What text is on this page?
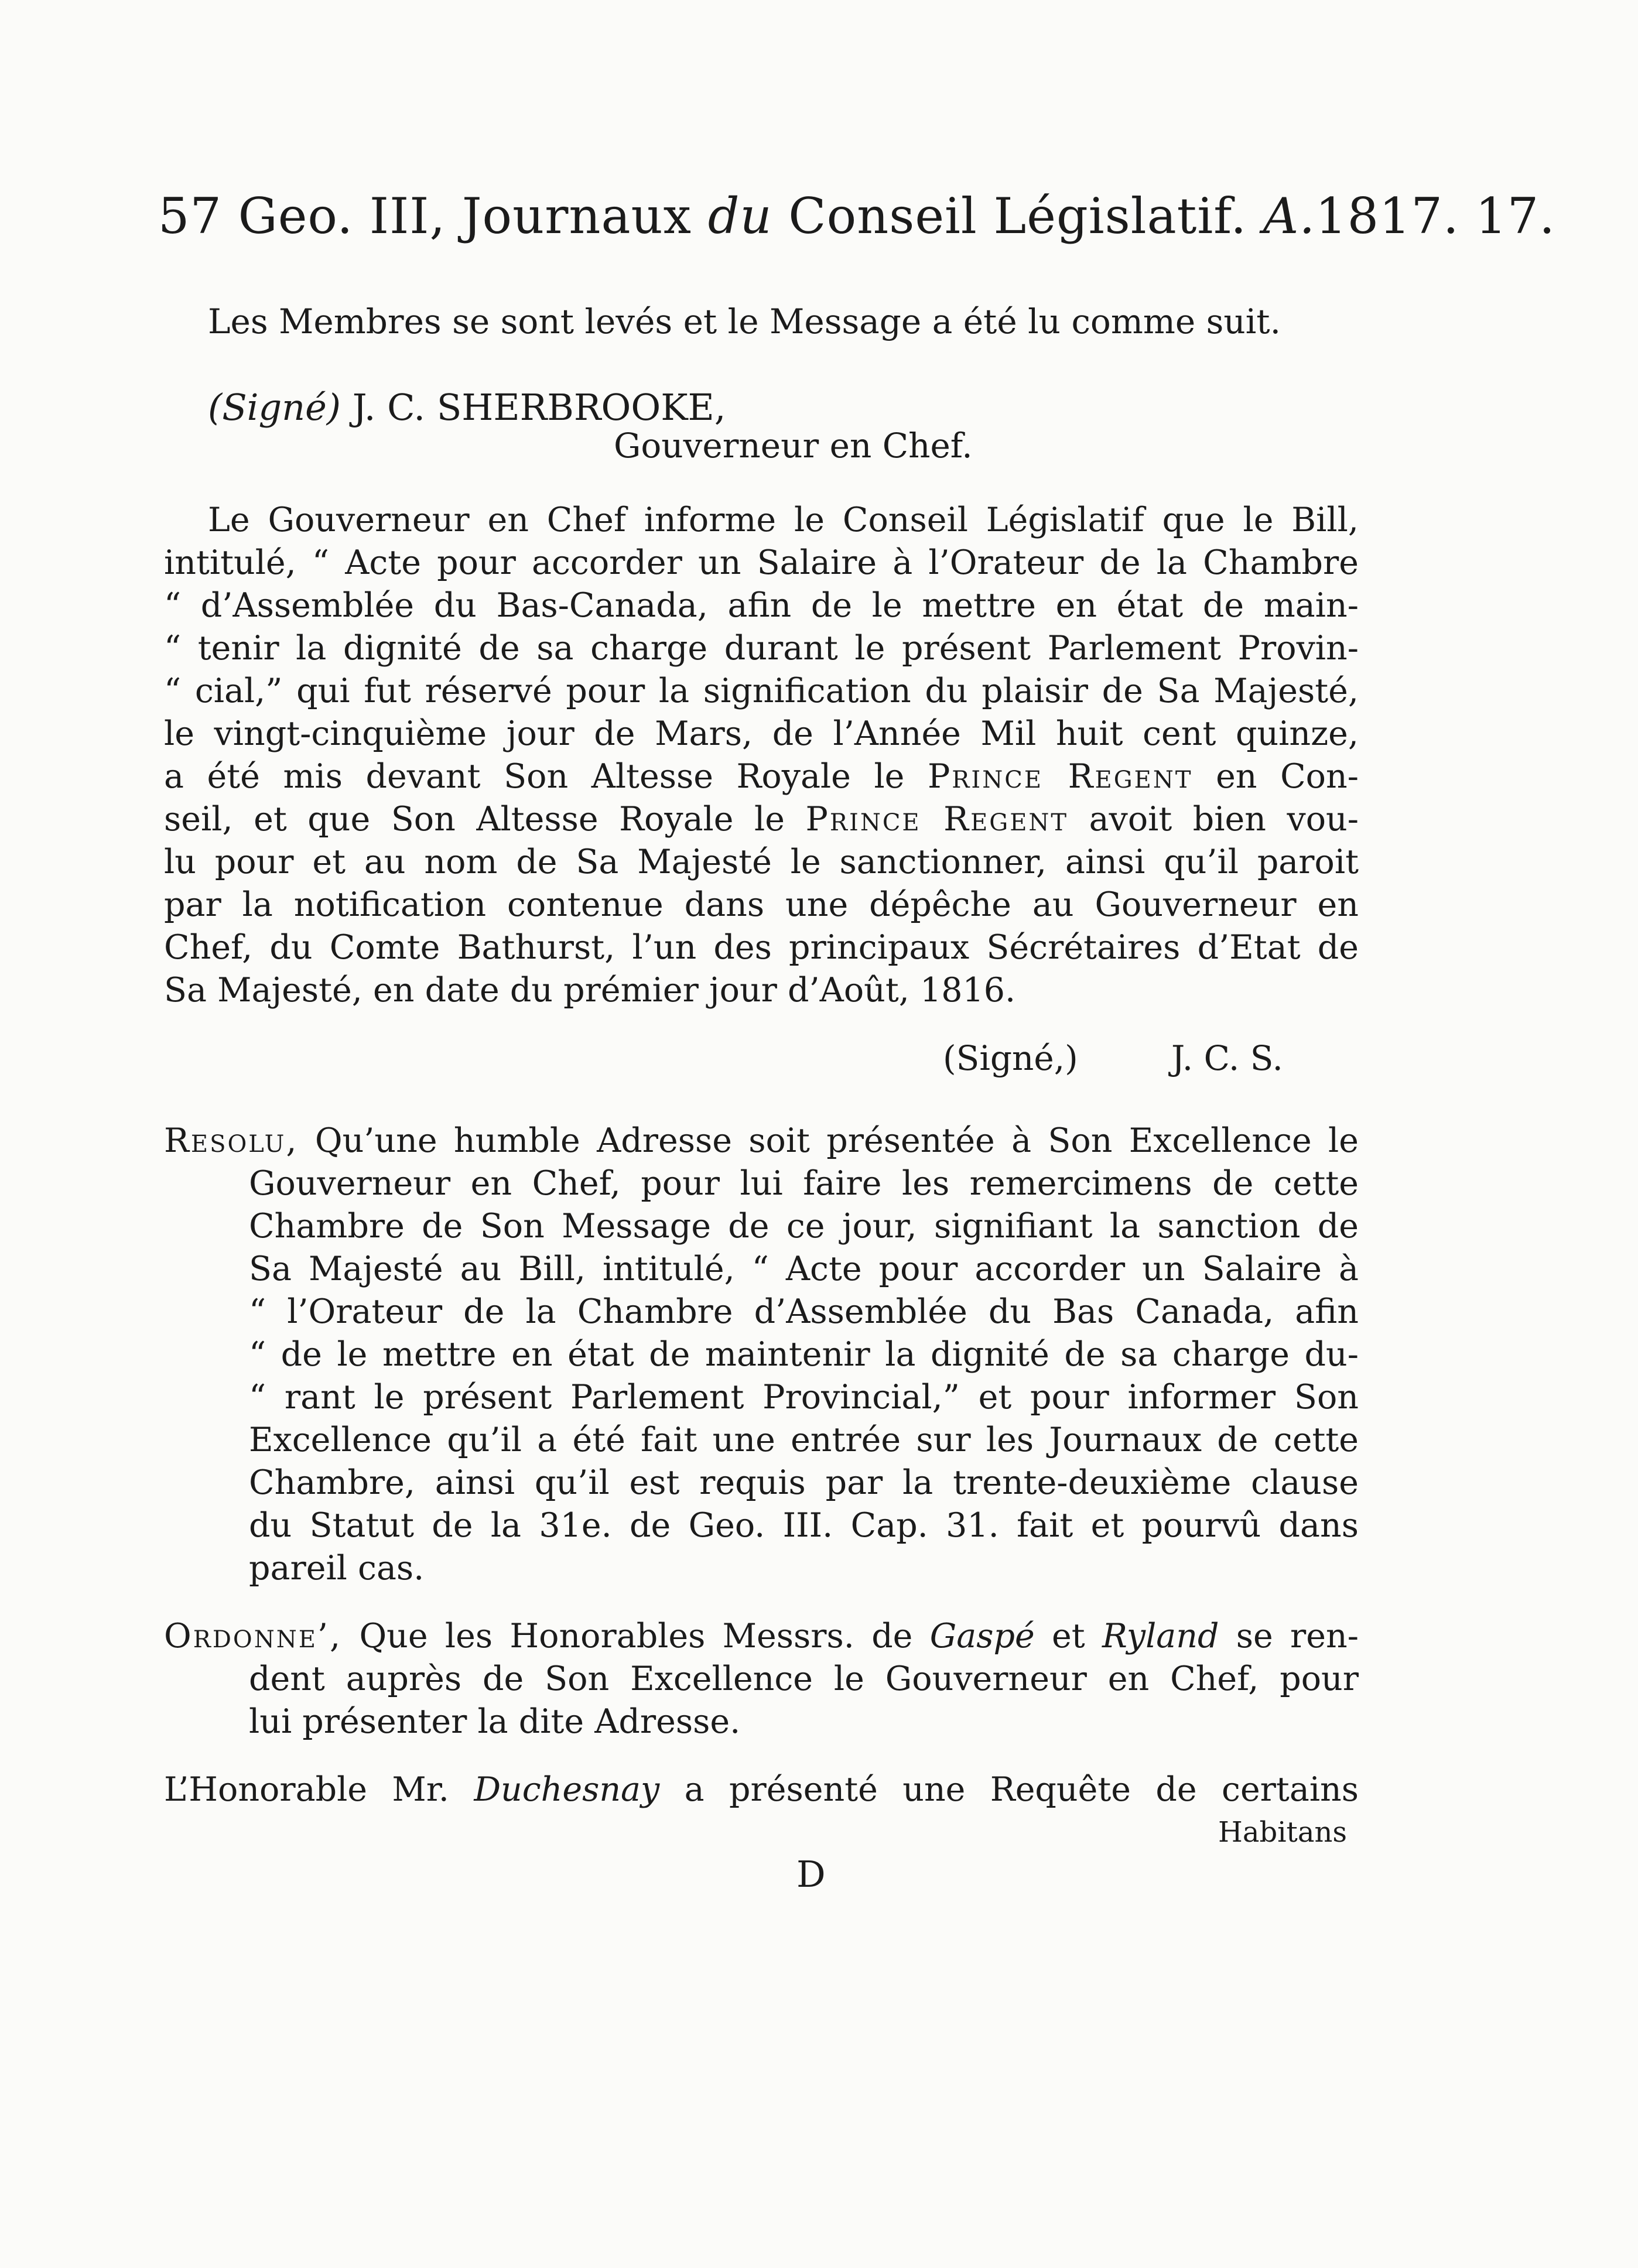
57 Geo. III, Journaux du Conseil Législatif. A.1817. 17.
Les Membres se sont levés et le Message a été lu comme suit.
(Signé) J. C. SHERBROOKE,
Gouverneur en Chef.
Le Gouverneur en Chef informe le Conseil Législatif que le Bill,
intitulé, “ Acte pour accorder un Salaire à l’Orateur de la Chambre
“ d’Assemblée du Bas-Canada, afin de le mettre en état de main-
“ tenir la dignité de sa charge durant le présent Parlement Provin-
“ cial,” qui fut réservé pour la signification du plaisir de Sa Majesté,
le vingt-cinquième jour de Mars, de l’Année Mil huit cent quinze,
a été mis devant Son Altesse Royale le Prince Regent en Con-
seil, et que Son Altesse Royale le Prince Regent avoit bien vou-
lu pour et au nom de Sa Majesté le sanctionner, ainsi qu’il paroit
par la notification contenue dans une dépêche au Gouverneur en
Chef, du Comte Bathurst, l’un des principaux Sécrétaires d’Etat de
Sa Majesté, en date du prémier jour d’Août, 1816.
(Signé,)	J. C. S.
Resolu, Qu’une humble Adresse soit présentée à Son Excellence le
Gouverneur en Chef, pour lui faire les remercimens de cette
Chambre de Son Message de ce jour, signifiant la sanction de
Sa Majesté au Bill, intitulé, “ Acte pour accorder un Salaire à
“ l’Orateur de la Chambre d’Assemblée du Bas Canada, afin
“ de le mettre en état de maintenir la dignité de sa charge du-
“ rant le présent Parlement Provincial,” et pour informer Son
Excellence qu’il a été fait une entrée sur les Journaux de cette
Chambre, ainsi qu’il est requis par la trente-deuxième clause
du Statut de la 31e. de Geo. III. Cap. 31. fait et pourvû dans
pareil cas.
Ordonne’, Que les Honorables Messrs. de Gaspé et Ryland se ren-
dent auprès de Son Excellence le Gouverneur en Chef, pour
lui présenter la dite Adresse.
L’Honorable Mr. Duchesnay a présenté une Requête de certains
Habitans
D
